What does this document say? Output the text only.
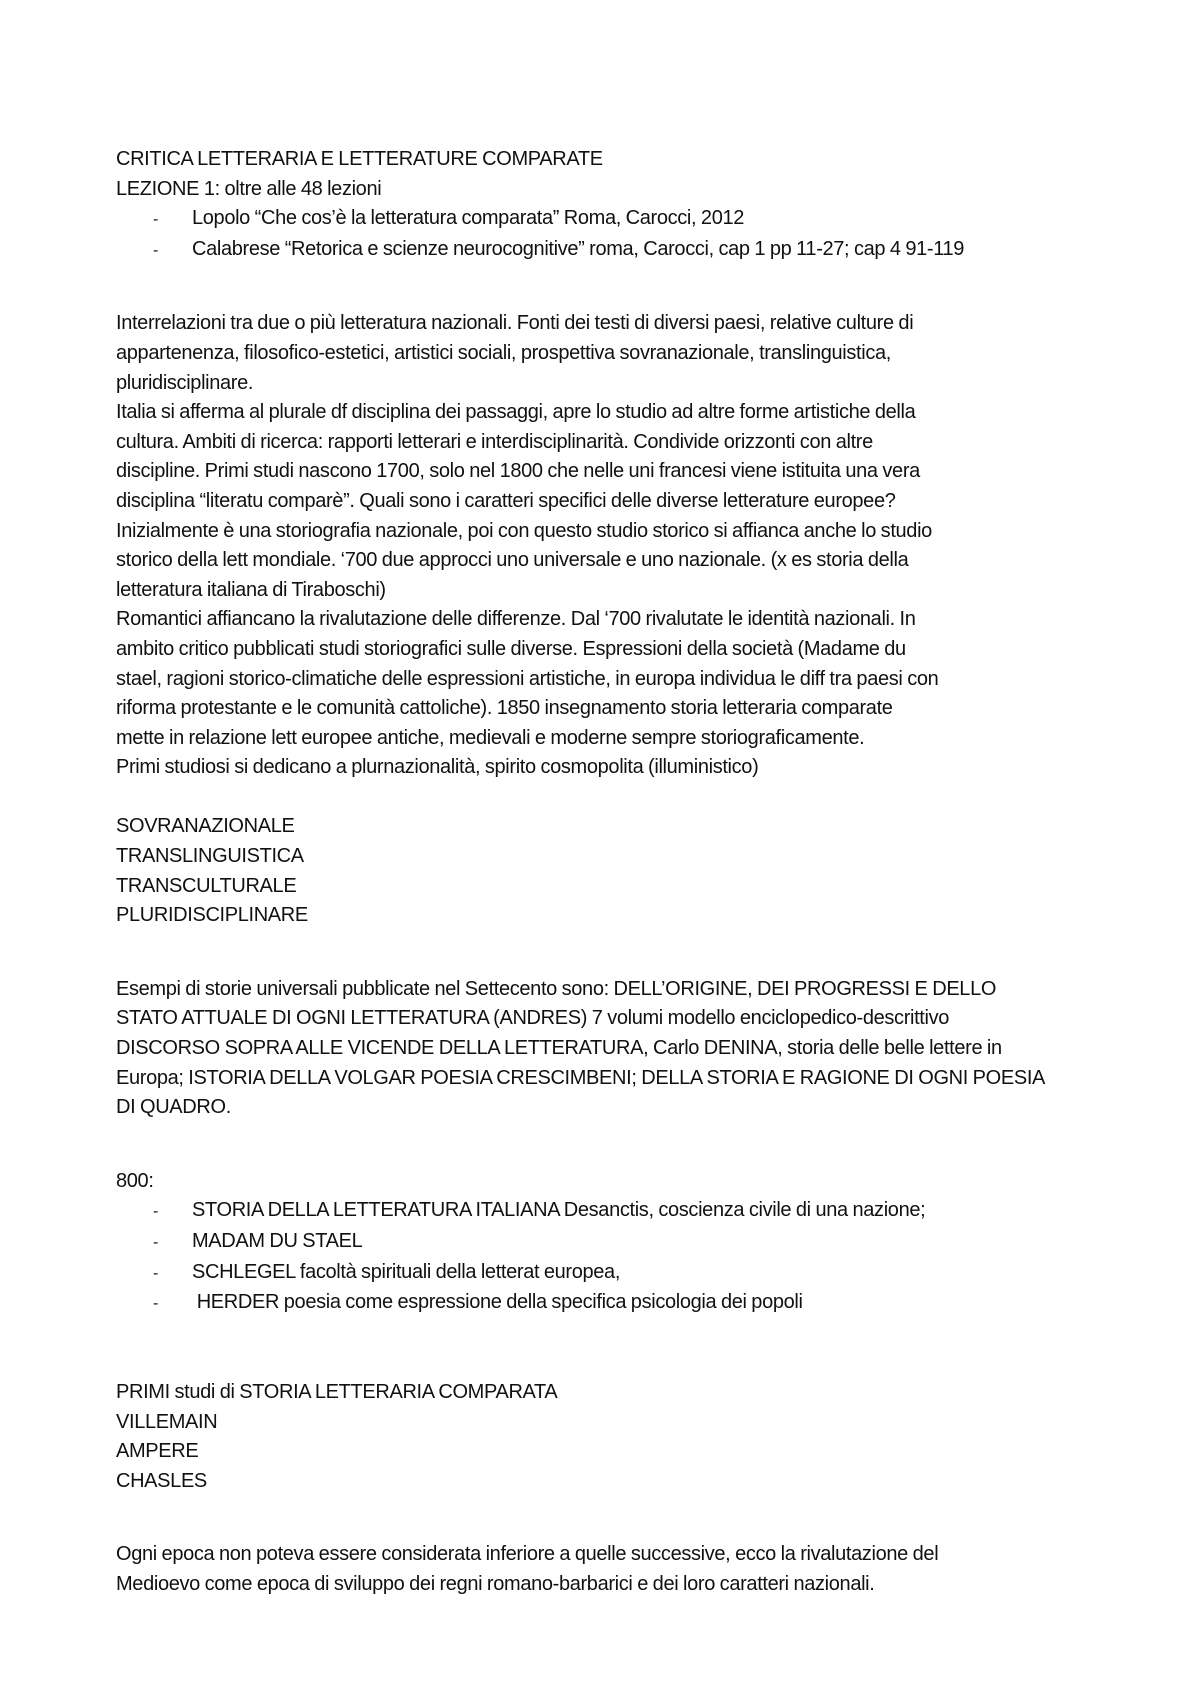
CRITICA LETTERARIA E LETTERATURE COMPARATE
LEZIONE 1: oltre alle 48 lezioni
-	Lopolo “Che cos’è la letteratura comparata” Roma, Carocci, 2012
-	Calabrese “Retorica e scienze neurocognitive” roma, Carocci, cap 1 pp 11-27; cap 4 91-119
Interrelazioni tra due o più letteratura nazionali. Fonti dei testi di diversi paesi, relative culture di
appartenenza, filosofico-estetici, artistici sociali, prospettiva sovranazionale, translinguistica,
pluridisciplinare.
Italia si afferma al plurale df disciplina dei passaggi, apre lo studio ad altre forme artistiche della
cultura. Ambiti di ricerca: rapporti letterari e interdisciplinarità. Condivide orizzonti con altre
discipline. Primi studi nascono 1700, solo nel 1800 che nelle uni francesi viene istituita una vera
disciplina “literatu comparè”. Quali sono i caratteri specifici delle diverse letterature europee?
Inizialmente è una storiografia nazionale, poi con questo studio storico si affianca anche lo studio
storico della lett mondiale. ‘700 due approcci uno universale e uno nazionale. (x es storia della
letteratura italiana di Tiraboschi)
Romantici affiancano la rivalutazione delle differenze. Dal ‘700 rivalutate le identità nazionali. In
ambito critico pubblicati studi storiografici sulle diverse. Espressioni della società (Madame du
stael, ragioni storico-climatiche delle espressioni artistiche, in europa individua le diff tra paesi con
riforma protestante e le comunità cattoliche). 1850 insegnamento storia letteraria comparate
mette in relazione lett europee antiche, medievali e moderne sempre storiograficamente.
Primi studiosi si dedicano a plurnazionalità, spirito cosmopolita (illuministico)
SOVRANAZIONALE
TRANSLINGUISTICA
TRANSCULTURALE
PLURIDISCIPLINARE
Esempi di storie universali pubblicate nel Settecento sono: DELL’ORIGINE, DEI PROGRESSI E DELLO
STATO ATTUALE DI OGNI LETTERATURA (ANDRES) 7 volumi modello enciclopedico-descrittivo
DISCORSO SOPRA ALLE VICENDE DELLA LETTERATURA, Carlo DENINA, storia delle belle lettere in
Europa; ISTORIA DELLA VOLGAR POESIA CRESCIMBENI; DELLA STORIA E RAGIONE DI OGNI POESIA
DI QUADRO.
800:
-	STORIA DELLA LETTERATURA ITALIANA Desanctis, coscienza civile di una nazione;
-	MADAM DU STAEL
-	SCHLEGEL facoltà spirituali della letterat europea,
-	HERDER poesia come espressione della specifica psicologia dei popoli
PRIMI studi di STORIA LETTERARIA COMPARATA
VILLEMAIN
AMPERE
CHASLES
Ogni epoca non poteva essere considerata inferiore a quelle successive, ecco la rivalutazione del
Medioevo come epoca di sviluppo dei regni romano-barbarici e dei loro caratteri nazionali.
